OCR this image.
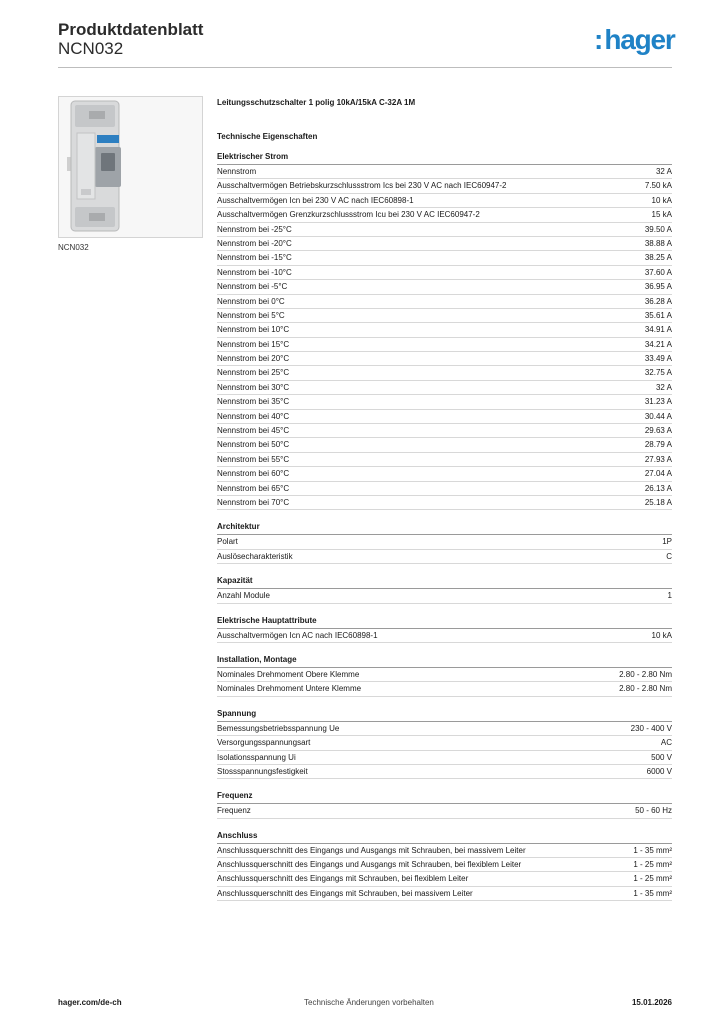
Produktdatenblatt
NCN032	:hager
NCN032
Leitungsschutzschalter 1 polig 10kA/15kA C-32A 1M
Technische Eigenschaften
Elektrischer Strom
Nennstrom	32 A
Ausschaltvermögen Betriebskurzschlussstrom Ics bei 230 V AC nach IEC60947-2	7.50 kA
Ausschaltvermögen Icn bei 230 V AC nach IEC60898-1	10 kA
Ausschaltvermögen Grenzkurzschlussstrom Icu bei 230 V AC IEC60947-2	15 kA
Nennstrom bei -25°C	39.50 A
Nennstrom bei -20°C	38.88 A
Nennstrom bei -15°C	38.25 A
Nennstrom bei -10°C	37.60 A
Nennstrom bei -5°C	36.95 A
Nennstrom bei 0°C	36.28 A
Nennstrom bei 5°C	35.61 A
Nennstrom bei 10°C	34.91 A
Nennstrom bei 15°C	34.21 A
Nennstrom bei 20°C	33.49 A
Nennstrom bei 25°C	32.75 A
Nennstrom bei 30°C	32 A
Nennstrom bei 35°C	31.23 A
Nennstrom bei 40°C	30.44 A
Nennstrom bei 45°C	29.63 A
Nennstrom bei 50°C	28.79 A
Nennstrom bei 55°C	27.93 A
Nennstrom bei 60°C	27.04 A
Nennstrom bei 65°C	26.13 A
Nennstrom bei 70°C	25.18 A
Architektur
Polart	1P
Auslösecharakteristik	C
Kapazität
Anzahl Module	1
Elektrische Hauptattribute
Ausschaltvermögen Icn AC nach IEC60898-1	10 kA
Installation, Montage
Nominales Drehmoment Obere Klemme	2.80 - 2.80 Nm
Nominales Drehmoment Untere Klemme	2.80 - 2.80 Nm
Spannung
Bemessungsbetriebsspannung Ue	230 - 400 V
Versorgungsspannungsart	AC
Isolationsspannung Ui	500 V
Stossspannungsfestigkeit	6000 V
Frequenz
Frequenz	50 - 60 Hz
Anschluss
Anschlussquerschnitt des Eingangs und Ausgangs mit Schrauben, bei massivem Leiter	1 - 35 mm²
Anschlussquerschnitt des Eingangs und Ausgangs mit Schrauben, bei flexiblem Leiter	1 - 25 mm²
Anschlussquerschnitt des Eingangs mit Schrauben, bei flexiblem Leiter	1 - 25 mm²
Anschlussquerschnitt des Eingangs mit Schrauben, bei massivem Leiter	1 - 35 mm²
hager.com/de-ch	Technische Änderungen vorbehalten	15.01.2026
